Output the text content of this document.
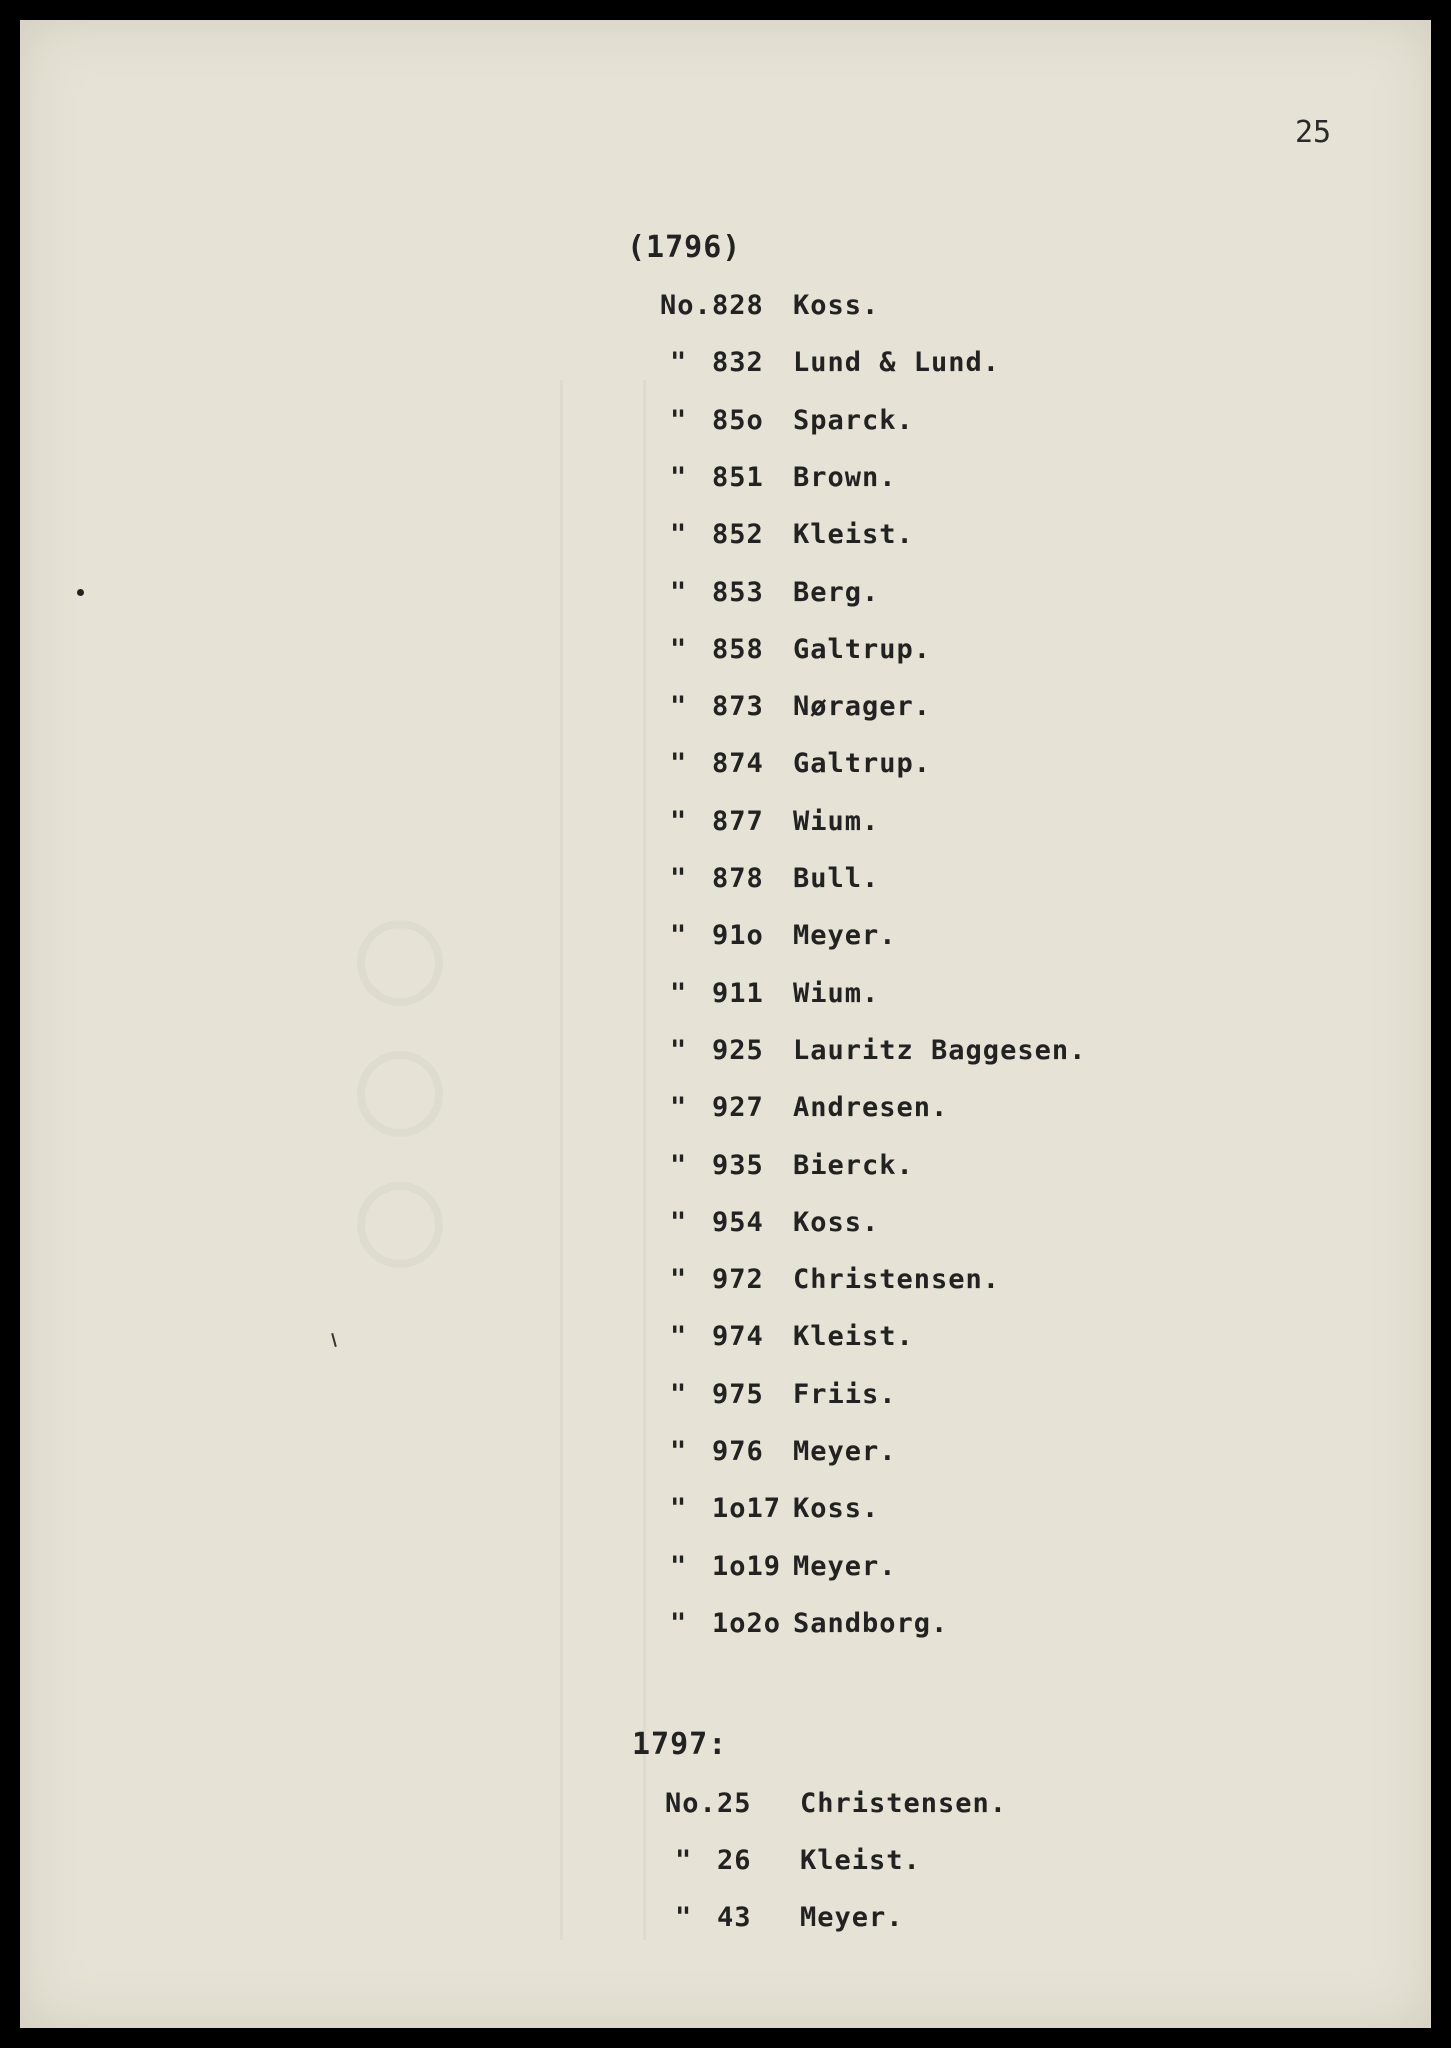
25
(1796)
No. 828 Koss.
" 832 Lund & Lund.
" 85o Sparck.
" 851 Brown.
" 852 Kleist.
" 853 Berg.
" 858 Galtrup.
" 873 Nørager.
" 874 Galtrup.
" 877 Wium.
" 878 Bull.
" 91o Meyer.
" 911 Wium.
" 925 Lauritz Baggesen.
" 927 Andresen.
" 935 Bierck.
" 954 Koss.
" 972 Christensen.
" 974 Kleist.
" 975 Friis.
" 976 Meyer.
" 1o17 Koss.
" 1o19 Meyer.
" 1o2o Sandborg.
1797:
No. 25 Christensen.
" 26 Kleist.
" 43 Meyer.
